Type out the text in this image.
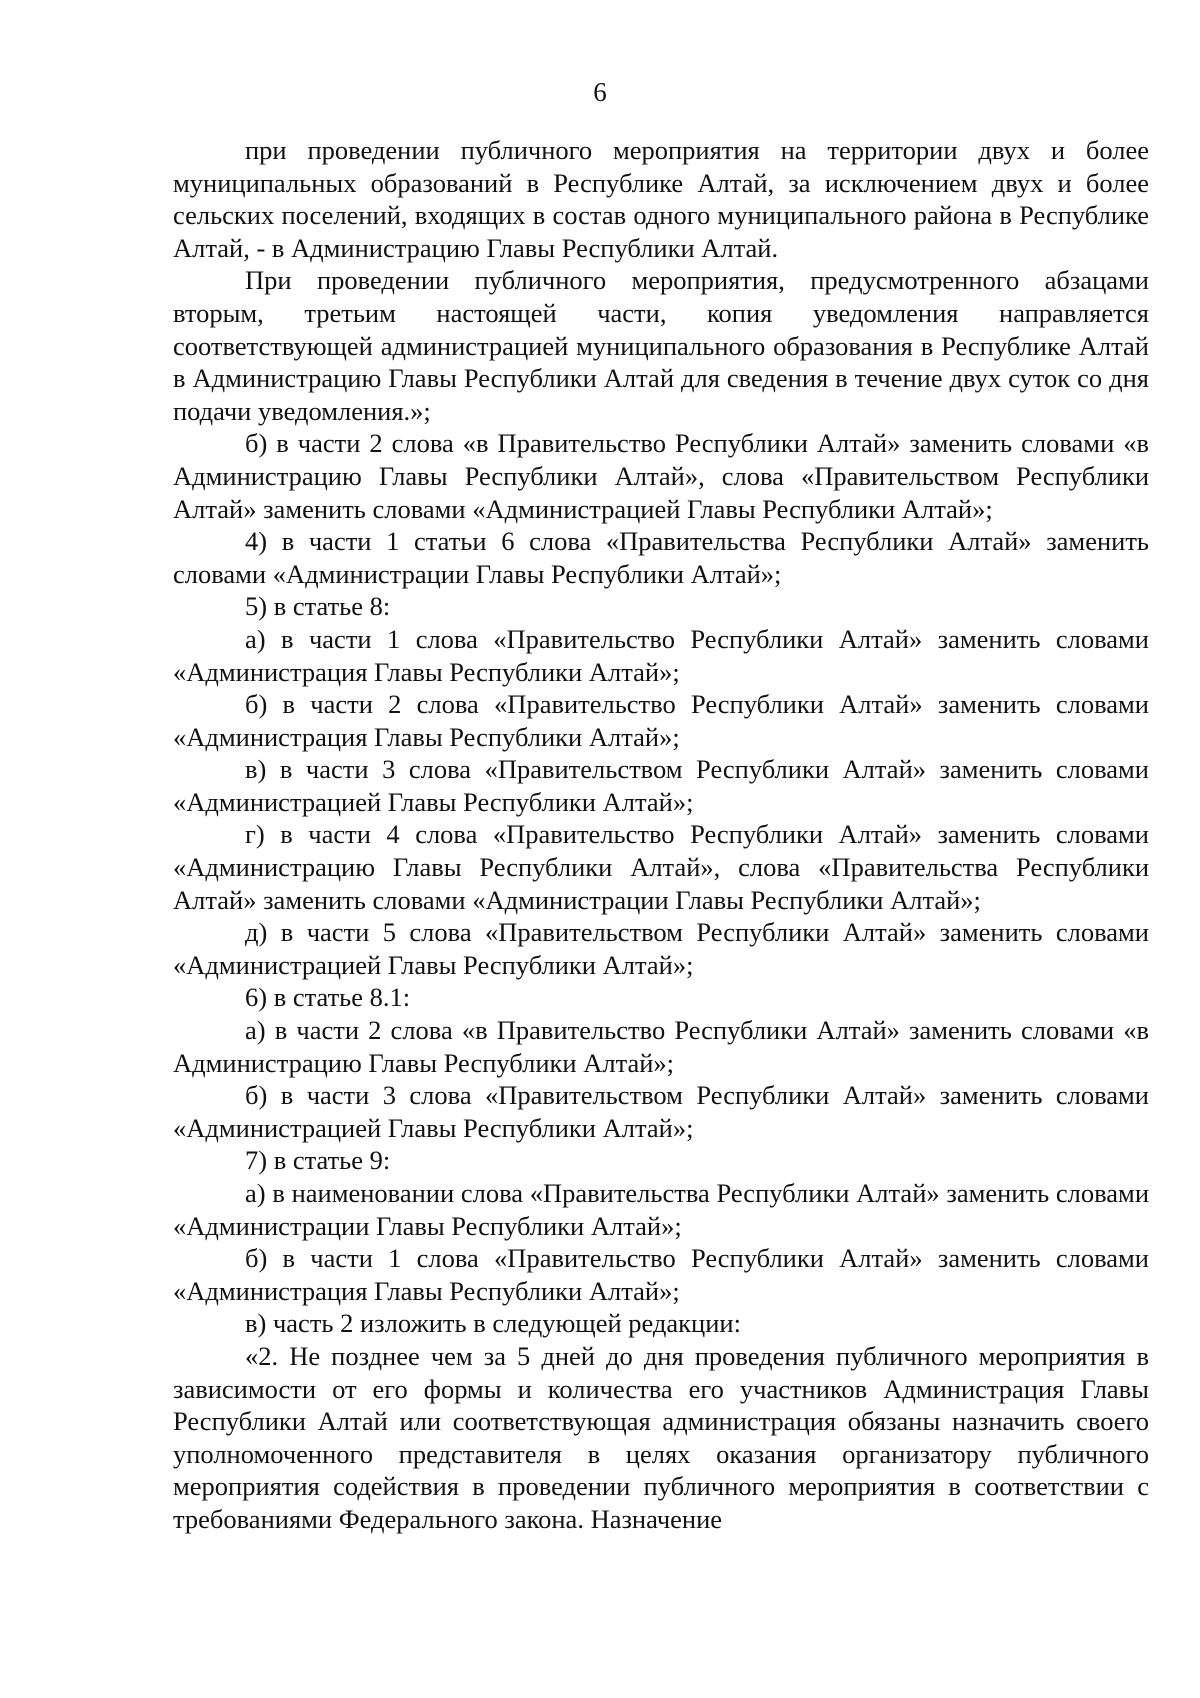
6

при проведении публичного мероприятия на территории двух и более муниципальных образований в Республике Алтай, за исключением двух и более сельских поселений, входящих в состав одного муниципального района в Республике Алтай, - в Администрацию Главы Республики Алтай.

При проведении публичного мероприятия, предусмотренного абзацами вторым, третьим настоящей части, копия уведомления направляется соответствующей администрацией муниципального образования в Республике Алтай в Администрацию Главы Республики Алтай для сведения в течение двух суток со дня подачи уведомления.»;

б) в части 2 слова «в Правительство Республики Алтай» заменить словами «в Администрацию Главы Республики Алтай», слова «Правительством Республики Алтай» заменить словами «Администрацией Главы Республики Алтай»;

4) в части 1 статьи 6 слова «Правительства Республики Алтай» заменить словами «Администрации Главы Республики Алтай»;

5) в статье 8:

а) в части 1 слова «Правительство Республики Алтай» заменить словами «Администрация Главы Республики Алтай»;

б) в части 2 слова «Правительство Республики Алтай» заменить словами «Администрация Главы Республики Алтай»;

в) в части 3 слова «Правительством Республики Алтай» заменить словами «Администрацией Главы Республики Алтай»;

г) в части 4 слова «Правительство Республики Алтай» заменить словами «Администрацию Главы Республики Алтай», слова «Правительства Республики Алтай» заменить словами «Администрации Главы Республики Алтай»;

д) в части 5 слова «Правительством Республики Алтай» заменить словами «Администрацией Главы Республики Алтай»;

6) в статье 8.1:

а) в части 2 слова «в Правительство Республики Алтай» заменить словами «в Администрацию Главы Республики Алтай»;

б) в части 3 слова «Правительством Республики Алтай» заменить словами «Администрацией Главы Республики Алтай»;

7) в статье 9:

а) в наименовании слова «Правительства Республики Алтай» заменить словами «Администрации Главы Республики Алтай»;

б) в части 1 слова «Правительство Республики Алтай» заменить словами «Администрация Главы Республики Алтай»;

в) часть 2 изложить в следующей редакции:

«2. Не позднее чем за 5 дней до дня проведения публичного мероприятия в зависимости от его формы и количества его участников Администрация Главы Республики Алтай или соответствующая администрация обязаны назначить своего уполномоченного представителя в целях оказания организатору публичного мероприятия содействия в проведении публичного мероприятия в соответствии с требованиями Федерального закона. Назначение
